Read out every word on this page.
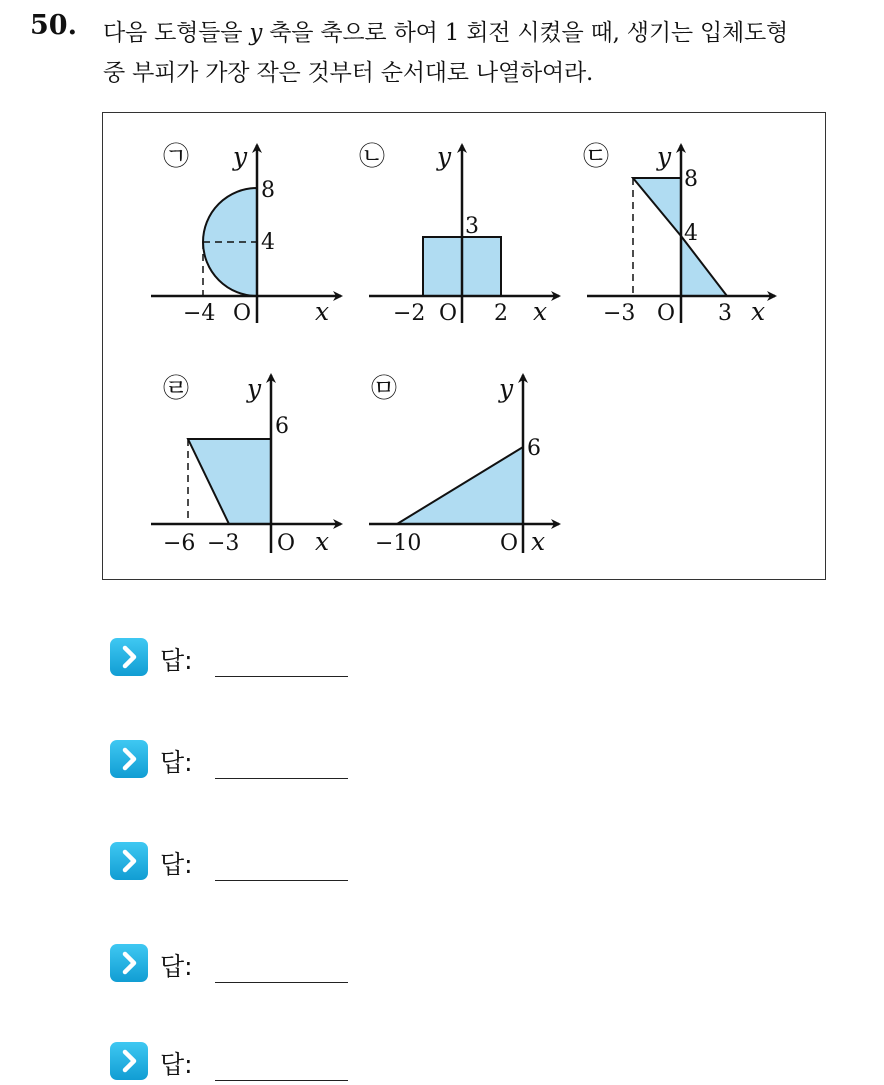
50. 다음 도형들을 y 축을 축으로 하여 1 회전 시켰을 때, 생기는 입체도형
중 부피가 가장 작은 것부터 순서대로 나열하여라.
㉠ y
8
4
−4 O	x
㉡ y
3
−2 O 2 x
㉢ y
8
4
−3 O 3 x
㉣ y
6
−6 −3 O x
㉤	y
6
−10	O x
답:
답:
답:
답:
답:
